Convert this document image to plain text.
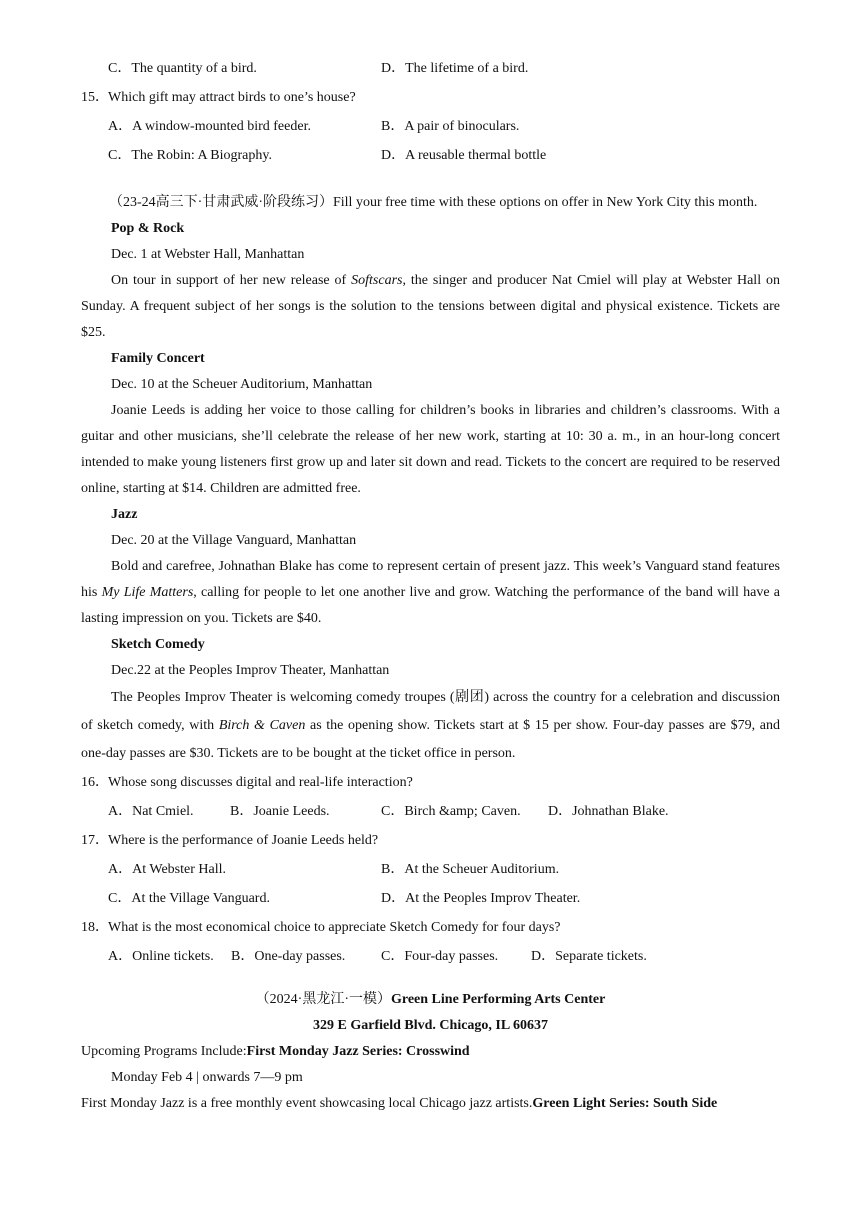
C．The quantity of a bird.	D．The lifetime of a bird.
15． Which gift may attract birds to one’s house?
A．A window-mounted bird feeder.	B．A pair of binoculars.
C．The Robin: A Biography.	D．A reusable thermal bottle
（23-24高三下·甘肃武威·阶段练习）Fill your free time with these options on offer in New York City this month.
Pop & Rock
Dec. 1 at Webster Hall, Manhattan
On tour in support of her new release of Softscars, the singer and producer Nat Cmiel will play at Webster Hall on Sunday. A frequent subject of her songs is the solution to the tensions between digital and physical existence. Tickets are $25.
Family Concert
Dec. 10 at the Scheuer Auditorium, Manhattan
Joanie Leeds is adding her voice to those calling for children’s books in libraries and children’s classrooms. With a guitar and other musicians, she’ll celebrate the release of her new work, starting at 10: 30 a. m., in an hour-long concert intended to make young listeners first grow up and later sit down and read. Tickets to the concert are required to be reserved online, starting at $14. Children are admitted free.
Jazz
Dec. 20 at the Village Vanguard, Manhattan
Bold and carefree, Johnathan Blake has come to represent certain of present jazz. This week’s Vanguard stand features his My Life Matters, calling for people to let one another live and grow. Watching the performance of the band will have a lasting impression on you. Tickets are $40.
Sketch Comedy
Dec.22 at the Peoples Improv Theater, Manhattan
The Peoples Improv Theater is welcoming comedy troupes (剧团) across the country for a celebration and discussion of sketch comedy, with Birch & Caven as the opening show. Tickets start at $ 15 per show. Four-day passes are $79, and one-day passes are $30. Tickets are to be bought at the ticket office in person.
16． Whose song discusses digital and real-life interaction?
A．Nat Cmiel.	B．Joanie Leeds.	C．Birch &amp; Caven.	D．Johnathan Blake.
17． Where is the performance of Joanie Leeds held?
A．At Webster Hall.	B．At the Scheuer Auditorium.
C．At the Village Vanguard.	D．At the Peoples Improv Theater.
18． What is the most economical choice to appreciate Sketch Comedy for four days?
A．Online tickets.	B．One-day passes.	C．Four-day passes.	D．Separate tickets.
（2024·黑龙江·一模）Green Line Performing Arts Center
329 E Garfield Blvd. Chicago, IL 60637
Upcoming Programs Include:First Monday Jazz Series: Crosswind
Monday Feb 4 | onwards 7—9 pm
First Monday Jazz is a free monthly event showcasing local Chicago jazz artists.Green Light Series: South Side
